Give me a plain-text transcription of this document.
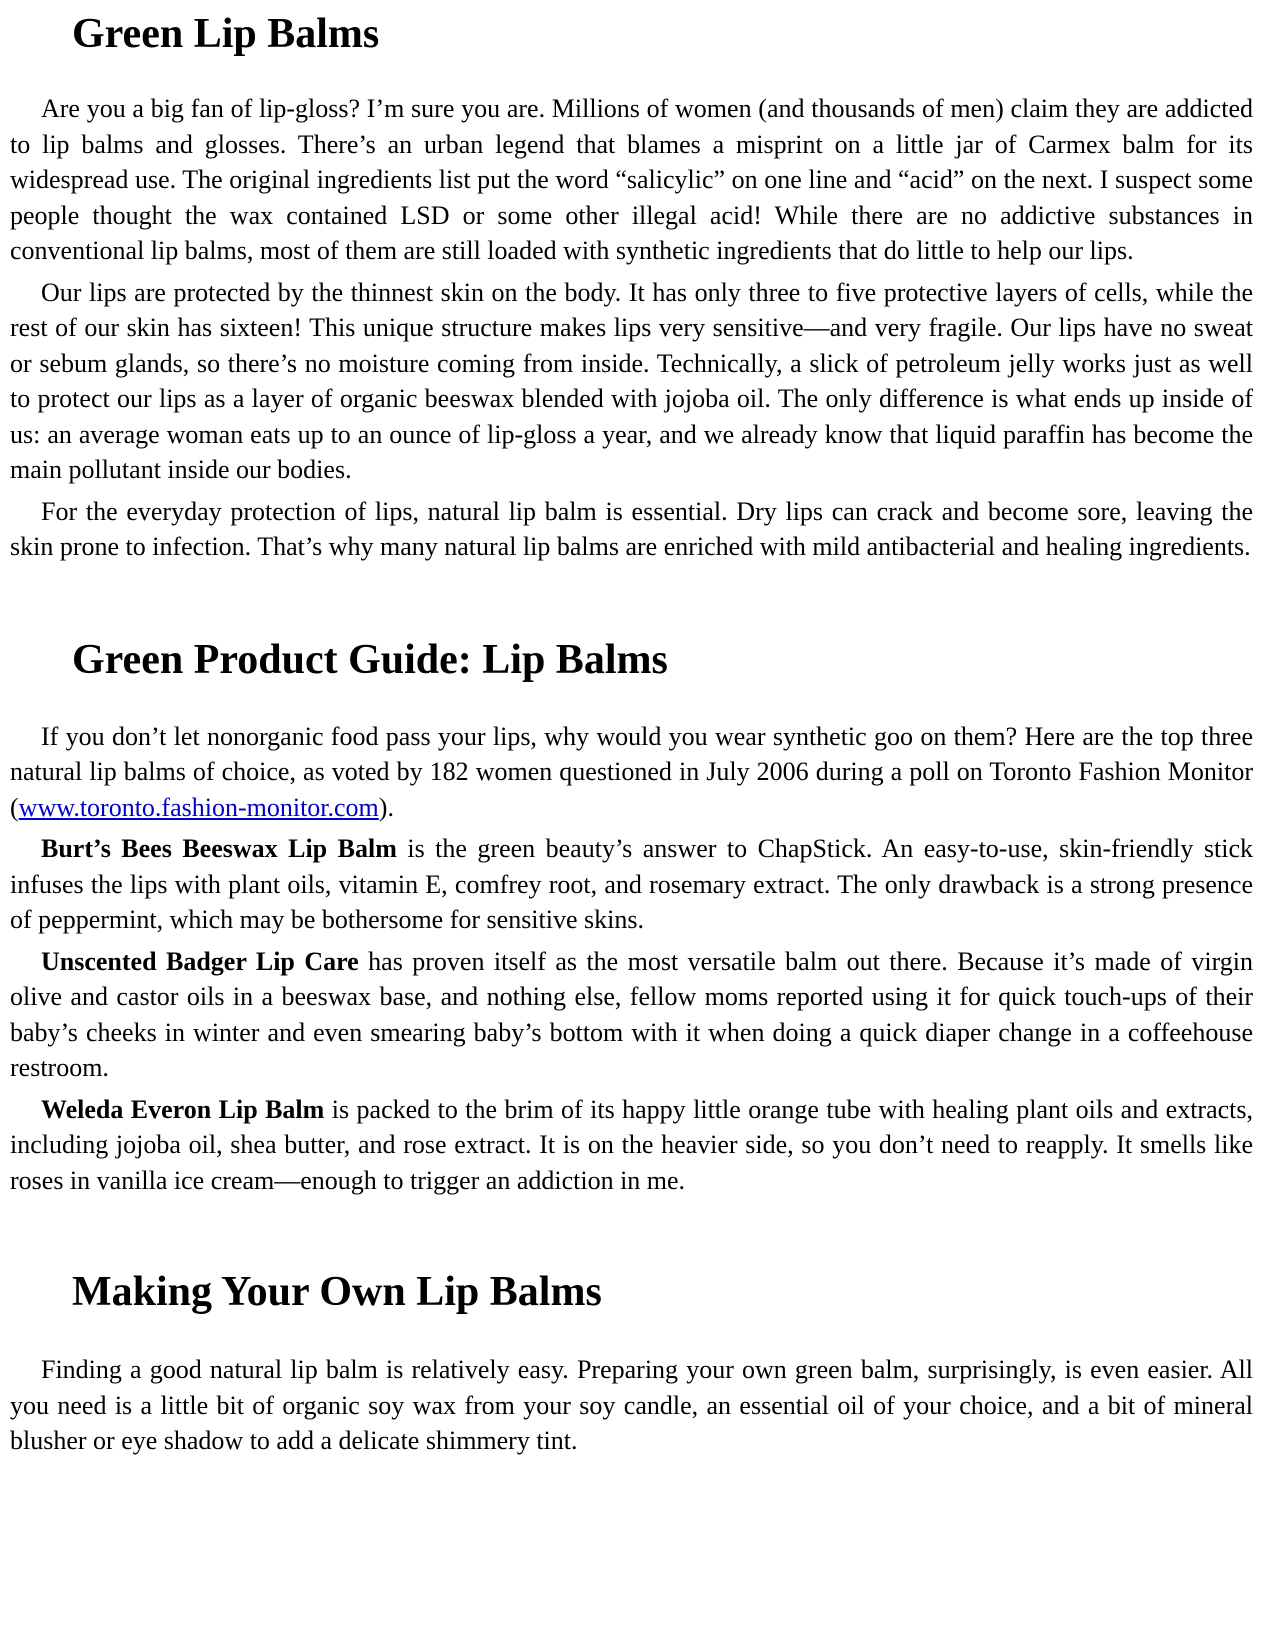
Green Lip Balms

Are you a big fan of lip-gloss? I’m sure you are. Millions of women (and thousands of men) claim they are addicted to lip balms and glosses. There’s an urban legend that blames a misprint on a little jar of Carmex balm for its widespread use. The original ingredients list put the word “salicylic” on one line and “acid” on the next. I suspect some people thought the wax contained LSD or some other illegal acid! While there are no addictive substances in conventional lip balms, most of them are still loaded with synthetic ingredients that do little to help our lips.

Our lips are protected by the thinnest skin on the body. It has only three to five protective layers of cells, while the rest of our skin has sixteen! This unique structure makes lips very sensitive—and very fragile. Our lips have no sweat or sebum glands, so there’s no moisture coming from inside. Technically, a slick of petroleum jelly works just as well to protect our lips as a layer of organic beeswax blended with jojoba oil. The only difference is what ends up inside of us: an average woman eats up to an ounce of lip-gloss a year, and we already know that liquid paraffin has become the main pollutant inside our bodies.

For the everyday protection of lips, natural lip balm is essential. Dry lips can crack and become sore, leaving the skin prone to infection. That’s why many natural lip balms are enriched with mild antibacterial and healing ingredients.

Green Product Guide: Lip Balms

If you don’t let nonorganic food pass your lips, why would you wear synthetic goo on them? Here are the top three natural lip balms of choice, as voted by 182 women questioned in July 2006 during a poll on Toronto Fashion Monitor (www.toronto.fashion-monitor.com).

Burt’s Bees Beeswax Lip Balm is the green beauty’s answer to ChapStick. An easy-to-use, skin-friendly stick infuses the lips with plant oils, vitamin E, comfrey root, and rosemary extract. The only drawback is a strong presence of peppermint, which may be bothersome for sensitive skins.

Unscented Badger Lip Care has proven itself as the most versatile balm out there. Because it’s made of virgin olive and castor oils in a beeswax base, and nothing else, fellow moms reported using it for quick touch-ups of their baby’s cheeks in winter and even smearing baby’s bottom with it when doing a quick diaper change in a coffeehouse restroom.

Weleda Everon Lip Balm is packed to the brim of its happy little orange tube with healing plant oils and extracts, including jojoba oil, shea butter, and rose extract. It is on the heavier side, so you don’t need to reapply. It smells like roses in vanilla ice cream—enough to trigger an addiction in me.

Making Your Own Lip Balms

Finding a good natural lip balm is relatively easy. Preparing your own green balm, surprisingly, is even easier. All you need is a little bit of organic soy wax from your soy candle, an essential oil of your choice, and a bit of mineral blusher or eye shadow to add a delicate shimmery tint.
